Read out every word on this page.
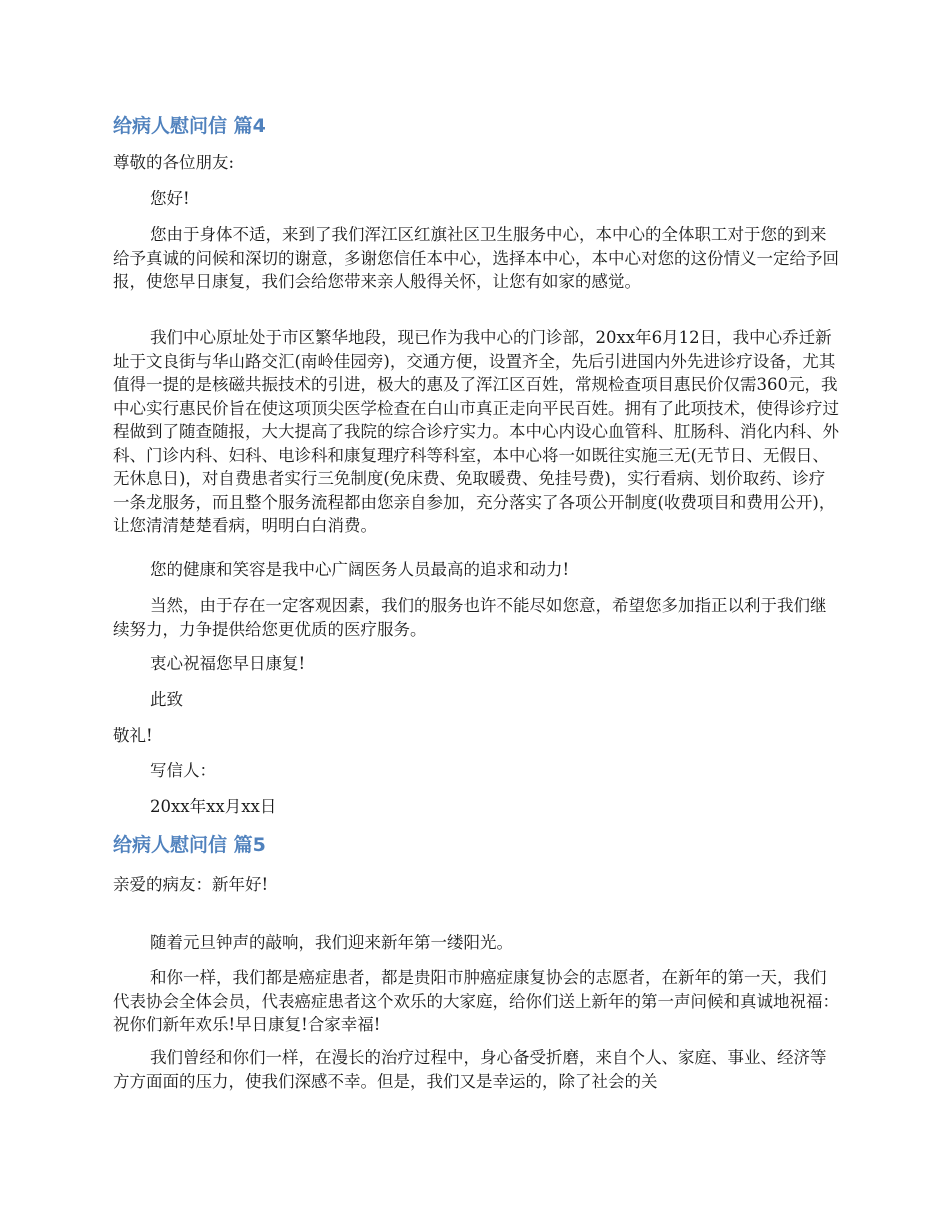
给病人慰问信 篇4

尊敬的各位朋友:

您好!

您由于身体不适，来到了我们浑江区红旗社区卫生服务中心，本中心的全体职工对于您的到来给予真诚的问候和深切的谢意，多谢您信任本中心，选择本中心，本中心对您的这份情义一定给予回报，使您早日康复，我们会给您带来亲人般得关怀，让您有如家的感觉。

我们中心原址处于市区繁华地段，现已作为我中心的门诊部，20xx年6月12日，我中心乔迁新址于文良街与华山路交汇(南岭佳园旁)，交通方便，设置齐全，先后引进国内外先进诊疗设备，尤其值得一提的是核磁共振技术的引进，极大的惠及了浑江区百姓，常规检查项目惠民价仅需360元，我中心实行惠民价旨在使这项顶尖医学检查在白山市真正走向平民百姓。拥有了此项技术，使得诊疗过程做到了随查随报，大大提高了我院的综合诊疗实力。本中心内设心血管科、肛肠科、消化内科、外科、门诊内科、妇科、电诊科和康复理疗科等科室，本中心将一如既往实施三无(无节日、无假日、无休息日)，对自费患者实行三免制度(免床费、免取暖费、免挂号费)，实行看病、划价取药、诊疗一条龙服务，而且整个服务流程都由您亲自参加，充分落实了各项公开制度(收费项目和费用公开)，让您清清楚楚看病，明明白白消费。

您的健康和笑容是我中心广阔医务人员最高的追求和动力!

当然，由于存在一定客观因素，我们的服务也许不能尽如您意，希望您多加指正以利于我们继续努力，力争提供给您更优质的医疗服务。

衷心祝福您早日康复!

此致

敬礼!

写信人：

20xx年xx月xx日

给病人慰问信 篇5

亲爱的病友：新年好!

随着元旦钟声的敲响，我们迎来新年第一缕阳光。

和你一样，我们都是癌症患者，都是贵阳市肿癌症康复协会的志愿者，在新年的第一天，我们代表协会全体会员，代表癌症患者这个欢乐的大家庭，给你们送上新年的第一声问候和真诚地祝福：祝你们新年欢乐!早日康复!合家幸福!

我们曾经和你们一样，在漫长的治疗过程中，身心备受折磨，来自个人、家庭、事业、经济等方方面面的压力，使我们深感不幸。但是，我们又是幸运的，除了社会的关
